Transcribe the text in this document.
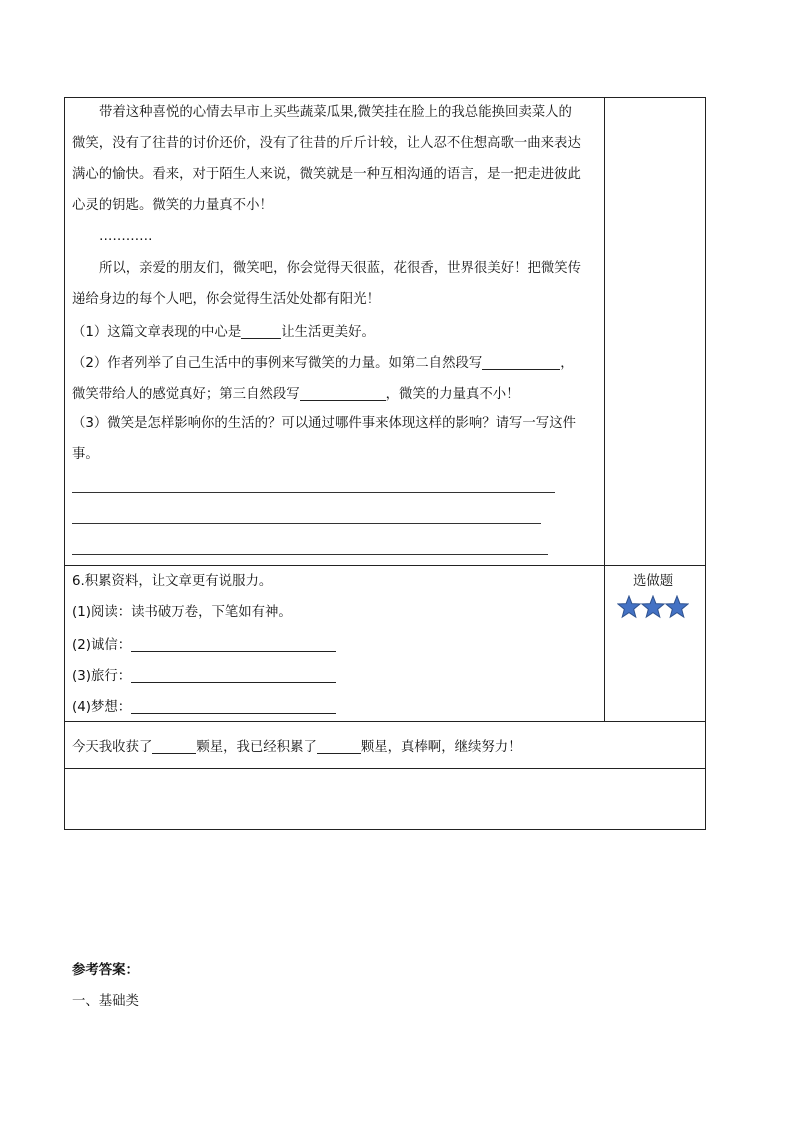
带着这种喜悦的心情去早市上买些蔬菜瓜果,微笑挂在脸上的我总能换回卖菜人的
微笑，没有了往昔的讨价还价，没有了往昔的斤斤计较，让人忍不住想高歌一曲来表达
满心的愉快。看来，对于陌生人来说，微笑就是一种互相沟通的语言，是一把走进彼此
心灵的钥匙。微笑的力量真不小！
…………
所以，亲爱的朋友们，微笑吧，你会觉得天很蓝，花很香，世界很美好！把微笑传
递给身边的每个人吧，你会觉得生活处处都有阳光！
（1）这篇文章表现的中心是	让生活更美好。
（2）作者列举了自己生活中的事例来写微笑的力量。如第二自然段写	，
微笑带给人的感觉真好；第三自然段写	，微笑的力量真不小！
（3）微笑是怎样影响你的生活的？可以通过哪件事来体现这样的影响？请写一写这件
事。
6.积累资料，让文章更有说服力。
(1)阅读：读书破万卷，下笔如有神。
(2)诚信：
(3)旅行：
(4)梦想：
选做题
今天我收获了	颗星，我已经积累了	颗星，真棒啊，继续努力！
参考答案：
一、基础类
